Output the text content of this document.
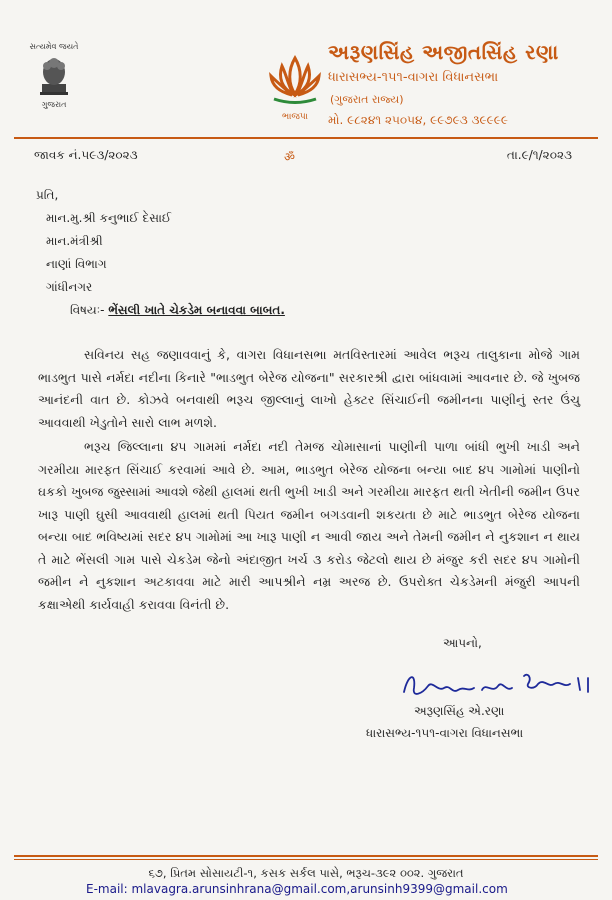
સત્યમેવ જયતે
ગુજરાત
ભાજપા
અરૂણસિંહ અજીતસિંહ રણા
ધારાસભ્ય-૧૫૧-વાગરા વિધાનસભા
(ગુજરાત રાજ્ય)
મો. ૯૮૨૪૧ ૨૫૦૫૪, ૯૯૭૯૩ ૩૯૯૯૯
જાવક નં.૫૯૩/૨૦૨૩	ॐ	તા.૯/૧/૨૦૨૩
પ્રતિ,
માન.મુ.શ્રી કનુભાઈ દેસાઈ
માન.મંત્રીશ્રી
નાણાં વિભાગ
ગાંધીનગર
વિષયઃ- ભેંસલી ખાતે ચેકડેમ બનાવવા બાબત.
સવિનય સહ જણાવવાનું કે, વાગરા વિધાનસભા મતવિસ્તારમાં આવેલ ભરૂચ તાલુકાના મોજે ગામ ભાડભુત પાસે નર્મદા નદીના કિનારે "ભાડભુત બેરેજ યોજના" સરકારશ્રી દ્વારા બાંધવામાં આવનાર છે. જે ખુબજ આનંદની વાત છે. કોઝવે બનવાથી ભરૂચ જીલ્લાનું લાખો હેક્ટર સિંચાઈની જમીનના પાણીનું સ્તર ઉંચુ આવવાથી ખેડુતોને સારો લાભ મળશે.
ભરૂચ જિલ્લાના ૪૫ ગામમાં નર્મદા નદી તેમજ ચોમાસાનાં પાણીની પાળા બાંધી ભુખી ખાડી અને ગરમીયા મારફત સિંચાઈ કરવામાં આવે છે. આમ, ભાડભુત બેરેજ યોજના બન્યા બાદ ૪૫ ગામોમાં પાણીનો ઘકકો ખુબજ જુસ્સામાં આવશે જેથી હાલમાં થતી ભુખી ખાડી અને ગરમીયા મારફત થતી ખેતીની જમીન ઉપર ખારૂ પાણી ઘુસી આવવાથી હાલમાં થતી પિયત જમીન બગડવાની શકયતા છે માટે ભાડભુત બેરેજ યોજના બન્યા બાદ ભવિષ્યમાં સદર ૪૫ ગામોમાં આ ખારૂ પાણી ન આવી જાય અને તેમની જમીન ને નુકશાન ન થાય તે માટે ભેંસલી ગામ પાસે ચેકડેમ જેનો અંદાજીત ખર્ચ ૩ કરોડ જેટલો થાય છે મંજુર કરી સદર ૪૫ ગામોની જમીન ને નુકશાન અટકાવવા માટે મારી આપશ્રીને નમ્ર અરજ છે. ઉપરોક્ત ચેકડેમની મંજુરી આપની કક્ષાએથી કાર્યવાહી કરાવવા વિનંતી છે.
આપનો,
અરૂણસિંહ એ.રણા
ધારાસભ્ય-૧૫૧-વાગરા વિધાનસભા
૬૭, પ્રિતમ સોસાયટી-૧, કસક સર્કલ પાસે, ભરૂચ-૩૯૨ ૦૦૨. ગુજરાત
E-mail: mlavagra.arunsinhrana@gmail.com,arunsinh9399@gmail.com
